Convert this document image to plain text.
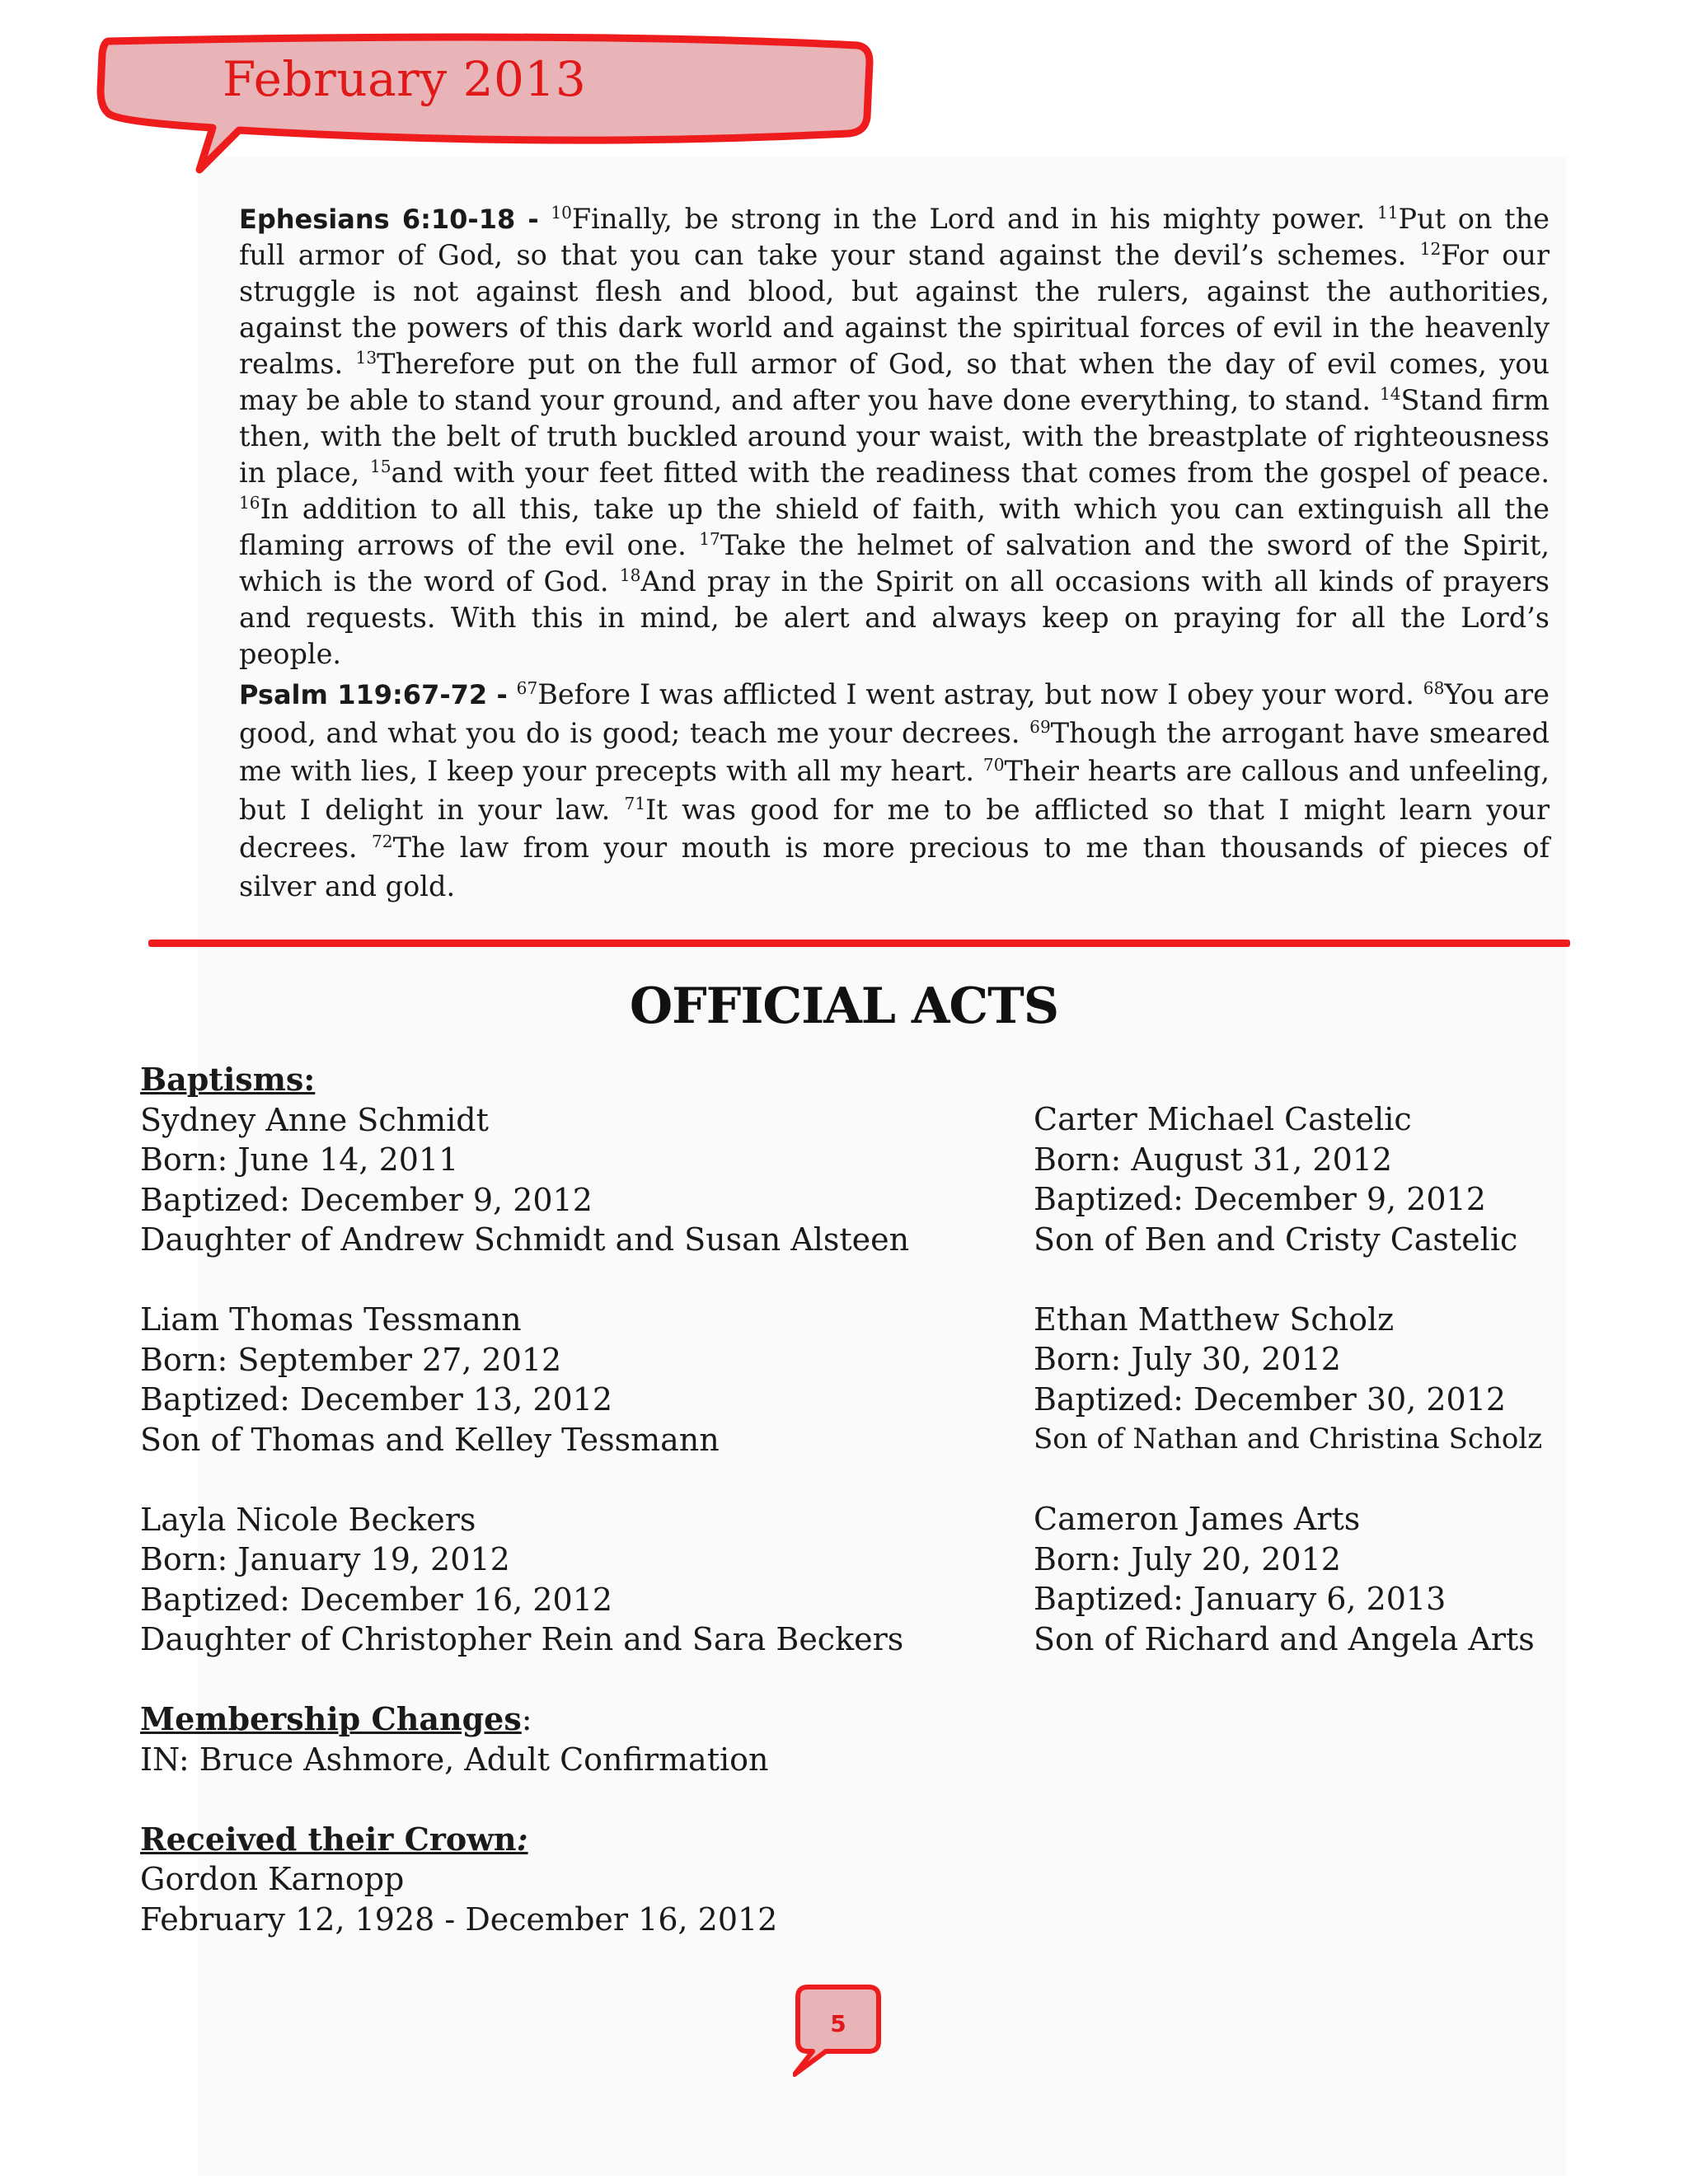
February 2013
Ephesians 6:10-18 - $^{10}$Finally, be strong in the Lord and in his mighty power. $^{11}$Put on the full armor of God, so that you can take your stand against the devil’s schemes. $^{12}$For our struggle is not against flesh and blood, but against the rulers, against the authorities, against the powers of this dark world and against the spiritual forces of evil in the heavenly realms. $^{13}$Therefore put on the full armor of God, so that when the day of evil comes, you may be able to stand your ground, and after you have done everything, to stand. $^{14}$Stand firm then, with the belt of truth buckled around your waist, with the breastplate of righteousness in place, $^{15}$and with your feet fitted with the readiness that comes from the gospel of peace. $^{16}$In addition to all this, take up the shield of faith, with which you can extinguish all the flaming arrows of the evil one. $^{17}$Take the helmet of salvation and the sword of the Spirit, which is the word of God. $^{18}$And pray in the Spirit on all occasions with all kinds of prayers and requests. With this in mind, be alert and always keep on praying for all the Lord’s people.
Psalm 119:67-72 - $^{67}$Before I was afflicted I went astray, but now I obey your word. $^{68}$You are good, and what you do is good; teach me your decrees. $^{69}$Though the arrogant have smeared me with lies, I keep your precepts with all my heart. $^{70}$Their hearts are callous and unfeeling, but I delight in your law. $^{71}$It was good for me to be afflicted so that I might learn your decrees. $^{72}$The law from your mouth is more precious to me than thousands of pieces of silver and gold.
OFFICIAL ACTS
Baptisms:
Sydney Anne Schmidt
Born: June 14, 2011
Baptized: December 9, 2012
Daughter of Andrew Schmidt and Susan Alsteen
Liam Thomas Tessmann
Born: September 27, 2012
Baptized: December 13, 2012
Son of Thomas and Kelley Tessmann
Layla Nicole Beckers
Born: January 19, 2012
Baptized: December 16, 2012
Daughter of Christopher Rein and Sara Beckers
Membership Changes:
IN: Bruce Ashmore, Adult Confirmation
Received their Crown:
Gordon Karnopp
February 12, 1928 - December 16, 2012
Carter Michael Castelic
Born: August 31, 2012
Baptized: December 9, 2012
Son of Ben and Cristy Castelic
Ethan Matthew Scholz
Born: July 30, 2012
Baptized: December 30, 2012
Son of Nathan and Christina Scholz
Cameron James Arts
Born: July 20, 2012
Baptized: January 6, 2013
Son of Richard and Angela Arts
5
